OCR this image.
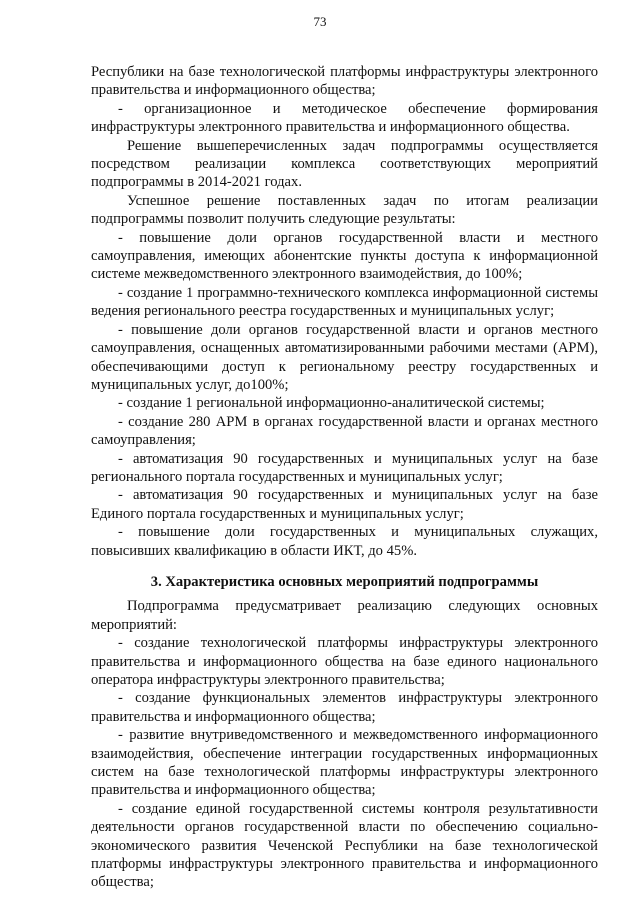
73

Республики на базе технологической платформы инфраструктуры электронного правительства и информационного общества;

- организационное и методическое обеспечение формирования инфраструктуры электронного правительства и информационного общества.

Решение вышеперечисленных задач подпрограммы осуществляется посредством реализации комплекса соответствующих мероприятий подпрограммы в 2014-2021 годах.

Успешное решение поставленных задач по итогам реализации подпрограммы позволит получить следующие результаты:

- повышение доли органов государственной власти и местного самоуправления, имеющих абонентские пункты доступа к информационной системе межведомственного электронного взаимодействия, до 100%;

- создание 1 программно-технического комплекса информационной системы ведения регионального реестра государственных и муниципальных услуг;

- повышение доли органов государственной власти и органов местного самоуправления, оснащенных автоматизированными рабочими местами (АРМ), обеспечивающими доступ к региональному реестру государственных и муниципальных услуг, до100%;

- создание 1 региональной информационно-аналитической системы;

- создание 280 АРМ в органах государственной власти и органах местного самоуправления;

- автоматизация 90 государственных и муниципальных услуг на базе регионального портала государственных и муниципальных услуг;

- автоматизация 90 государственных и муниципальных услуг на базе Единого портала государственных и муниципальных услуг;

- повышение доли государственных и муниципальных служащих, повысивших квалификацию в области ИКТ, до 45%.

3. Характеристика основных мероприятий подпрограммы

Подпрограмма предусматривает реализацию следующих основных мероприятий:

- создание технологической платформы инфраструктуры электронного правительства и информационного общества на базе единого национального оператора инфраструктуры электронного правительства;

- создание функциональных элементов инфраструктуры электронного правительства и информационного общества;

- развитие внутриведомственного и межведомственного информационного взаимодействия, обеспечение интеграции государственных информационных систем на базе технологической платформы инфраструктуры электронного правительства и информационного общества;

- создание единой государственной системы контроля результативности деятельности органов государственной власти по обеспечению социально-экономического развития Чеченской Республики на базе технологической платформы инфраструктуры электронного правительства и информационного общества;
